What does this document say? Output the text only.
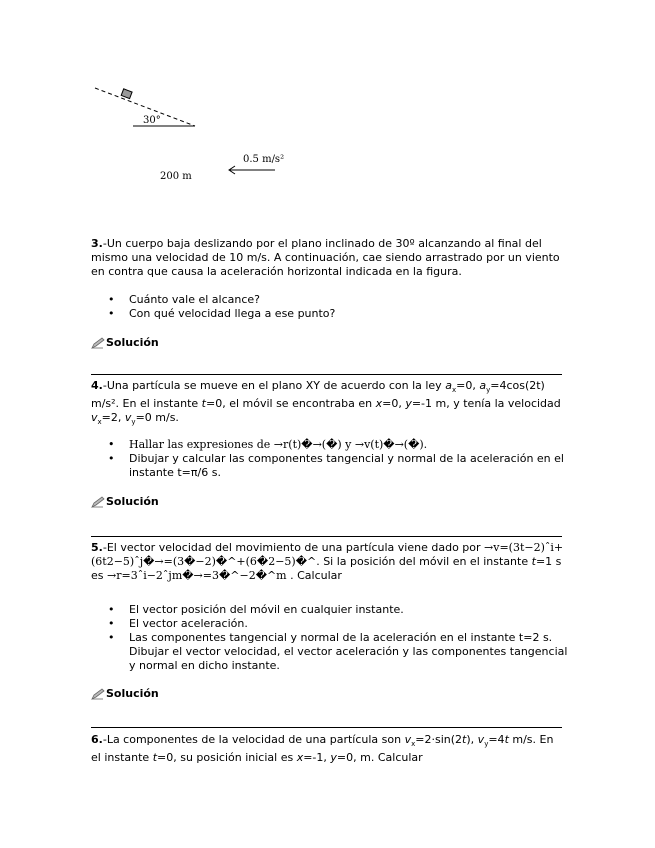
30°
0.5 m/s²
200 m
3.-Un cuerpo baja deslizando por el plano inclinado de 30º alcanzando al final del mismo una velocidad de 10 m/s. A continuación, cae siendo arrastrado por un viento en contra que causa la aceleración horizontal indicada en la figura.
• Cuánto vale el alcance?
• Con qué velocidad llega a ese punto?
Solución
4.-Una partícula se mueve en el plano XY de acuerdo con la ley $a_x=0$, $a_y=4\cos(2t)$ m/s². En el instante t=0, el móvil se encontraba en x=0, y=-1 m, y tenía la velocidad $v_x=2$, $v_y=0$ m/s.
• Hallar las expresiones de →r(t)�→(�) y →v(t)�→(�).
• Dibujar y calcular las componentes tangencial y normal de la aceleración en el instante t=π/6 s.
Solución
5.-El vector velocidad del movimiento de una partícula viene dado por →v=(3t−2)ˆi+(6t2−5)ˆj�→=(3�−2)�^+(6�2−5)�^. Si la posición del móvil en el instante t=1 s es →r=3ˆi−2ˆjm�→=3�^−2�^m . Calcular
• El vector posición del móvil en cualquier instante.
• El vector aceleración.
• Las componentes tangencial y normal de la aceleración en el instante t=2 s. Dibujar el vector velocidad, el vector aceleración y las componentes tangencial y normal en dicho instante.
Solución
6.-La componentes de la velocidad de una partícula son $v_x=2\cdot\sin(2t)$, $v_y=4t$ m/s. En el instante t=0, su posición inicial es x=-1, y=0, m. Calcular
